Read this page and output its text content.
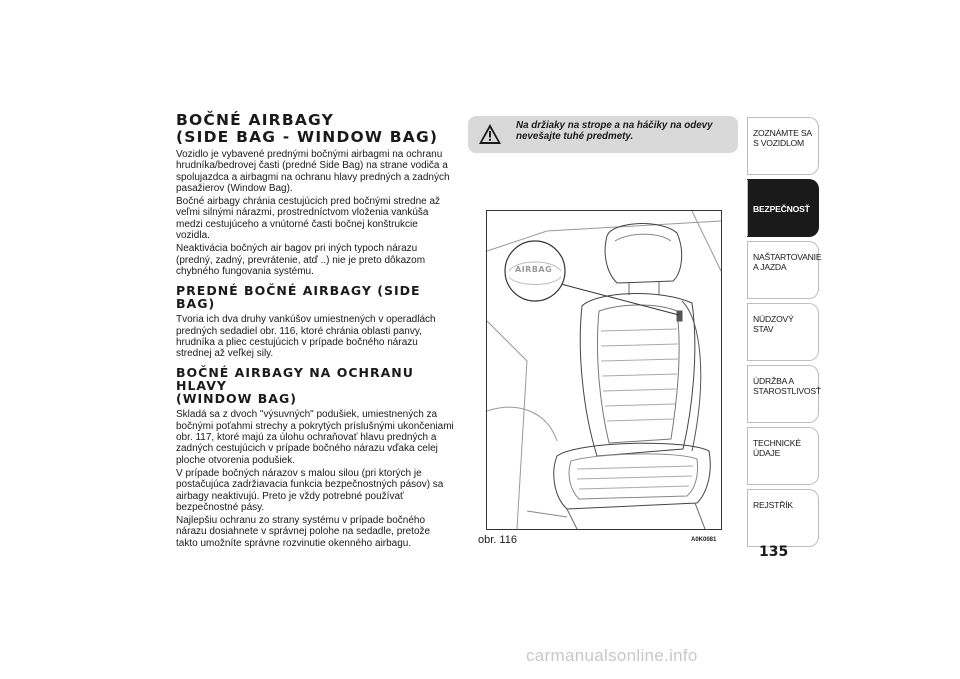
BOČNÉ AIRBAGY
(SIDE BAG - WINDOW BAG)

Vozidlo je vybavené prednými bočnými airbagmi na ochranu hrudníka/bedrovej časti (predné Side Bag) na strane vodiča a spolujazdca a airbagmi na ochranu hlavy predných a zadných pasažierov (Window Bag).

Bočné airbagy chránia cestujúcich pred bočnými stredne až veľmi silnými nárazmi, prostredníctvom vloženia vankúša medzi cestujúceho a vnútorné časti bočnej konštrukcie vozidla.

Neaktivácia bočných air bagov pri iných typoch nárazu (predný, zadný, prevrátenie, atď ..) nie je preto dôkazom chybného fungovania systému.

PREDNÉ BOČNÉ AIRBAGY (SIDE BAG)

Tvoria ich dva druhy vankúšov umiestnených v operadlách predných sedadiel obr. 116, ktoré chránia oblasti panvy, hrudníka a pliec cestujúcich v prípade bočného nárazu strednej až veľkej sily.

BOČNÉ AIRBAGY NA OCHRANU HLAVY
(WINDOW BAG)

Skladá sa z dvoch "výsuvných" podušiek, umiestnených za bočnými poťahmi strechy a pokrytých príslušnými ukončeniami obr. 117, ktoré majú za úlohu ochraňovať hlavu predných a zadných cestujúcich v prípade bočného nárazu vďaka celej ploche otvorenia podušiek.

V prípade bočných nárazov s malou silou (pri ktorých je postačujúca zadržiavacia funkcia bezpečnostných pásov) sa airbagy neaktivujú. Preto je vždy potrebné používať bezpečnostné pásy.

Najlepšiu ochranu zo strany systému v prípade bočného nárazu dosiahnete v správnej polohe na sedadle, pretože takto umožníte správne rozvinutie okenného airbagu.

Na držiaky na strope a na háčiky na odevy nevešajte tuhé predmety.
AIRBAG
obr. 116	A0K0081
ZOZNÁMTE SA S VOZIDLOM
BEZPEČNOSŤ
NAŠTARTOVANIE A JAZDA
NÚDZOVÝ STAV
ÚDRŽBA A STAROSTLIVOSŤ
TECHNICKÉ ÚDAJE
REJSTŘÍK
135
carmanualsonline.info
